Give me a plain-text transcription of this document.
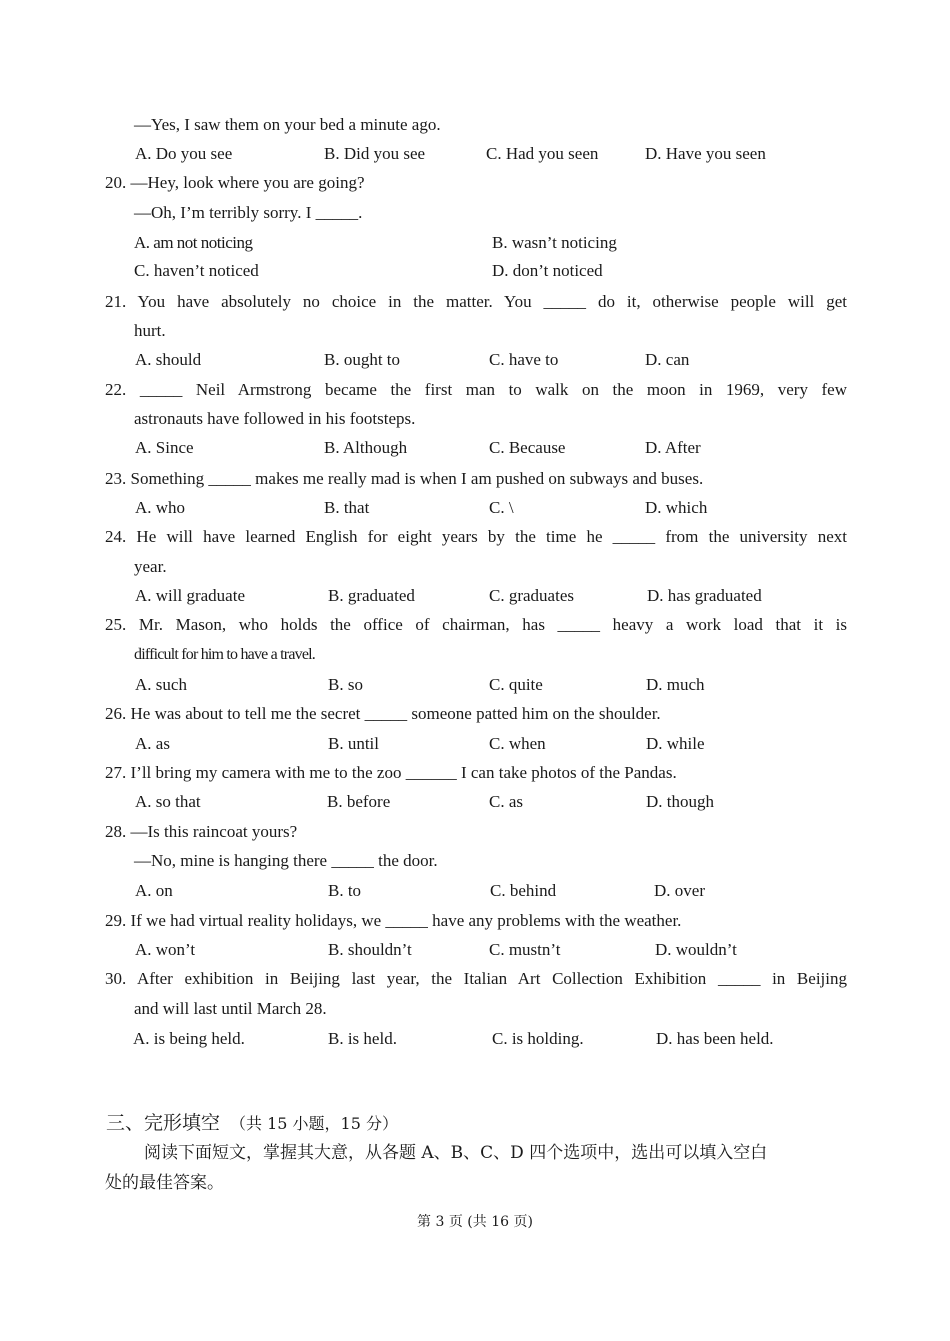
—Yes, I saw them on your bed a minute ago.
A. Do you see	B. Did you see	C. Had you seen	D. Have you seen
20. —Hey, look where you are going?
—Oh, I’m terribly sorry. I _____.
A. am not noticing	B. wasn’t noticing
C. haven’t noticed	D. don’t noticed
21. You have absolutely no choice in the matter. You _____ do it, otherwise people will get
hurt.
A. should	B. ought to	C. have to	D. can
22. _____ Neil Armstrong became the first man to walk on the moon in 1969, very few
astronauts have followed in his footsteps.
A. Since	B. Although	C. Because	D. After
23. Something _____ makes me really mad is when I am pushed on subways and buses.
A. who	B. that	C. \	D. which
24. He will have learned English for eight years by the time he _____ from the university next
year.
A. will graduate	B. graduated	C. graduates	D. has graduated
25. Mr. Mason, who holds the office of chairman, has _____ heavy a work load that it is
difficult for him to have a travel.
A. such	B. so	C. quite	D. much
26. He was about to tell me the secret _____ someone patted him on the shoulder.
A. as	B. until	C. when	D. while
27. I’ll bring my camera with me to the zoo ______ I can take photos of the Pandas.
A. so that	B. before	C. as	D. though
28. —Is this raincoat yours?
—No, mine is hanging there _____ the door.
A. on	B. to	C. behind	D. over
29. If we had virtual reality holidays, we _____ have any problems with the weather.
A. won’t	B. shouldn’t	C. mustn’t	D. wouldn’t
30. After exhibition in Beijing last year, the Italian Art Collection Exhibition _____ in Beijing
and will last until March 28.
A. is being held.	B. is held.	C. is holding.	D. has been held.
三、完形填空 （共 15 小题，15 分）
阅读下面短文，掌握其大意，从各题 A、B、C、D 四个选项中，选出可以填入空白
处的最佳答案。
第 3 页 (共 16 页)
